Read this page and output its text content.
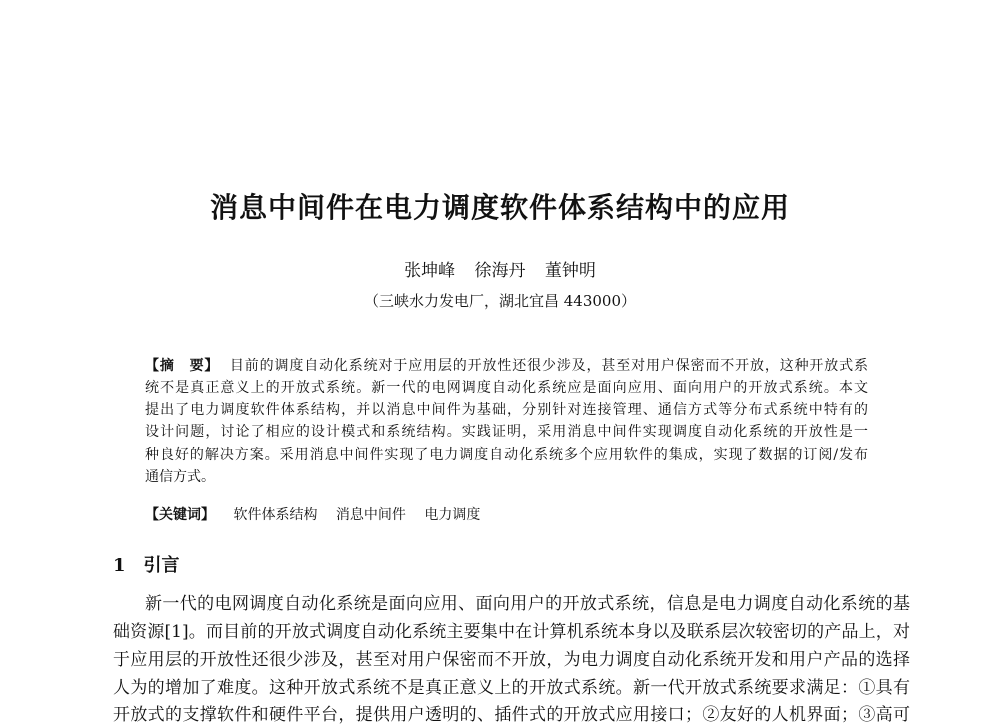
消息中间件在电力调度软件体系结构中的应用
张坤峰 徐海丹 董钟明
（三峡水力发电厂，湖北宜昌 443000）
【摘　要】 目前的调度自动化系统对于应用层的开放性还很少涉及，甚至对用户保密而不开放，这种开放式系
统不是真正意义上的开放式系统。新一代的电网调度自动化系统应是面向应用、面向用户的开放式系统。本文
提出了电力调度软件体系结构，并以消息中间件为基础，分别针对连接管理、通信方式等分布式系统中特有的
设计问题，讨论了相应的设计模式和系统结构。实践证明，采用消息中间件实现调度自动化系统的开放性是一
种良好的解决方案。采用消息中间件实现了电力调度自动化系统多个应用软件的集成，实现了数据的订阅/发布
通信方式。
【关键词】 软件体系结构 消息中间件 电力调度
1　引言
新一代的电网调度自动化系统是面向应用、面向用户的开放式系统，信息是电力调度自动化系统的基
础资源[1]。而目前的开放式调度自动化系统主要集中在计算机系统本身以及联系层次较密切的产品上，对
于应用层的开放性还很少涉及，甚至对用户保密而不开放，为电力调度自动化系统开发和用户产品的选择
人为的增加了难度。这种开放式系统不是真正意义上的开放式系统。新一代开放式系统要求满足：①具有
开放式的支撑软件和硬件平台，提供用户透明的、插件式的开放式应用接口；②友好的人机界面；③高可
